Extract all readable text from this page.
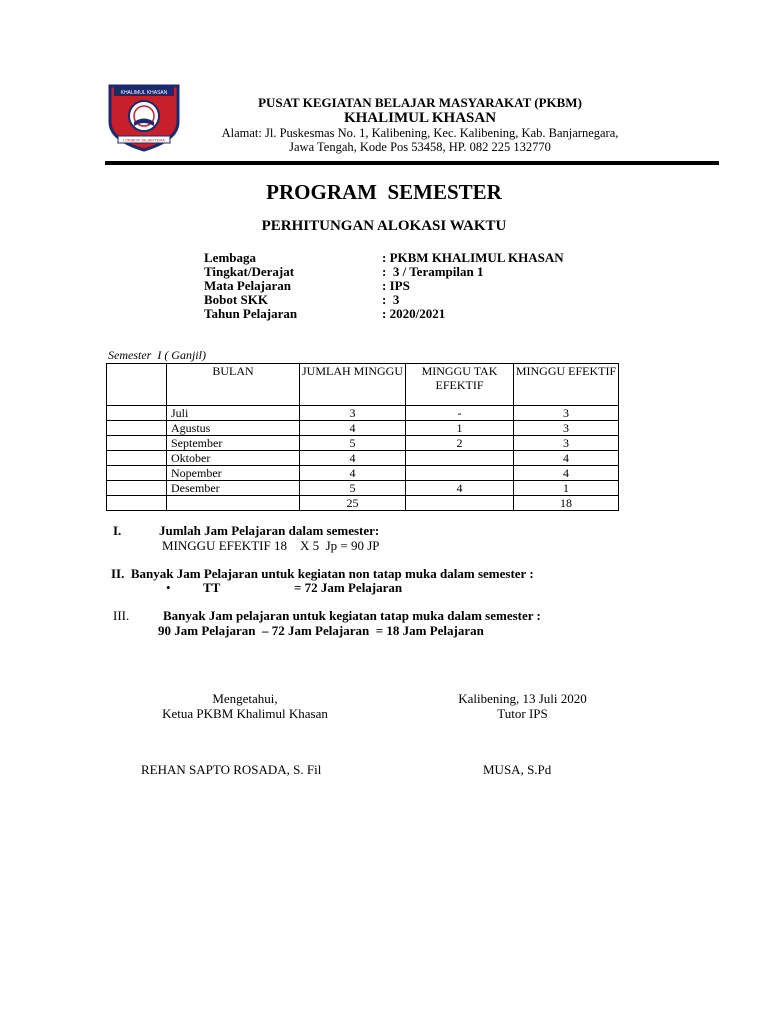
KHALIMUL KHASAN
LOMBOK SEJAHTERA
PUSAT KEGIATAN BELAJAR MASYARAKAT (PKBM)
KHALIMUL KHASAN
Alamat: Jl. Puskesmas No. 1, Kalibening, Kec. Kalibening, Kab. Banjarnegara,
Jawa Tengah, Kode Pos 53458, HP. 082 225 132770
PROGRAM  SEMESTER
PERHITUNGAN ALOKASI WAKTU
Lembaga	: PKBM KHALIMUL KHASAN
Tingkat/Derajat	:  3 / Terampilan 1
Mata Pelajaran	: IPS
Bobot SKK	:  3
Tahun Pelajaran	: 2020/2021
Semester  I ( Ganjil)
	BULAN	JUMLAH MINGGU	MINGGU TAK EFEKTIF	MINGGU EFEKTIF
	Juli	3	-	3
	Agustus	4	1	3
	September	5	2	3
	Oktober	4		4
	Nopember	4		4
	Desember	5	4	1
		25		18
I.	Jumlah Jam Pelajaran dalam semester:
MINGGU EFEKTIF 18    X 5  Jp = 90 JP
II.  Banyak Jam Pelajaran untuk kegiatan non tatap muka dalam semester :
• TT	= 72 Jam Pelajaran
III.	Banyak Jam pelajaran untuk kegiatan tatap muka dalam semester :
90 Jam Pelajaran  – 72 Jam Pelajaran  = 18 Jam Pelajaran
Mengetahui,
Ketua PKBM Khalimul Khasan
REHAN SAPTO ROSADA, S. Fil
Kalibening, 13 Juli 2020
Tutor IPS
MUSA, S.Pd
